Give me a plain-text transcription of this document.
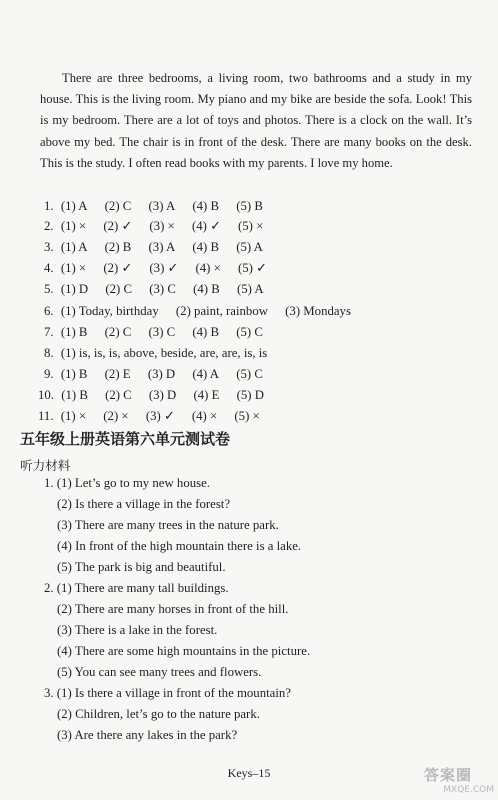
There are three bedrooms, a living room, two bathrooms and a study in my house. This is the living room. My piano and my bike are beside the sofa. Look! This is my bedroom. There are a lot of toys and photos. There is a clock on the wall. It’s above my bed. The chair is in front of the desk. There are many books on the desk. This is the study. I often read books with my parents. I love my home.
1. (1) A (2) C (3) A (4) B (5) B
2. (1) × (2) ✓ (3) × (4) ✓ (5) ×
3. (1) A (2) B (3) A (4) B (5) A
4. (1) × (2) ✓ (3) ✓ (4) × (5) ✓
5. (1) D (2) C (3) C (4) B (5) A
6. (1) Today, birthday (2) paint, rainbow (3) Mondays
7. (1) B (2) C (3) C (4) B (5) C
8. (1) is, is, is, above, beside, are, are, is, is
9. (1) B (2) E (3) D (4) A (5) C
10. (1) B (2) C (3) D (4) E (5) D
11. (1) × (2) × (3) ✓ (4) × (5) ×
五年级上册英语第六单元测试卷
听力材料
1. (1) Let’s go to my new house.
(2) Is there a village in the forest?
(3) There are many trees in the nature park.
(4) In front of the high mountain there is a lake.
(5) The park is big and beautiful.
2. (1) There are many tall buildings.
(2) There are many horses in front of the hill.
(3) There is a lake in the forest.
(4) There are some high mountains in the picture.
(5) You can see many trees and flowers.
3. (1) Is there a village in front of the mountain?
(2) Children, let’s go to the nature park.
(3) Are there any lakes in the park?
Keys–15	答案圈
MXQE.COM
